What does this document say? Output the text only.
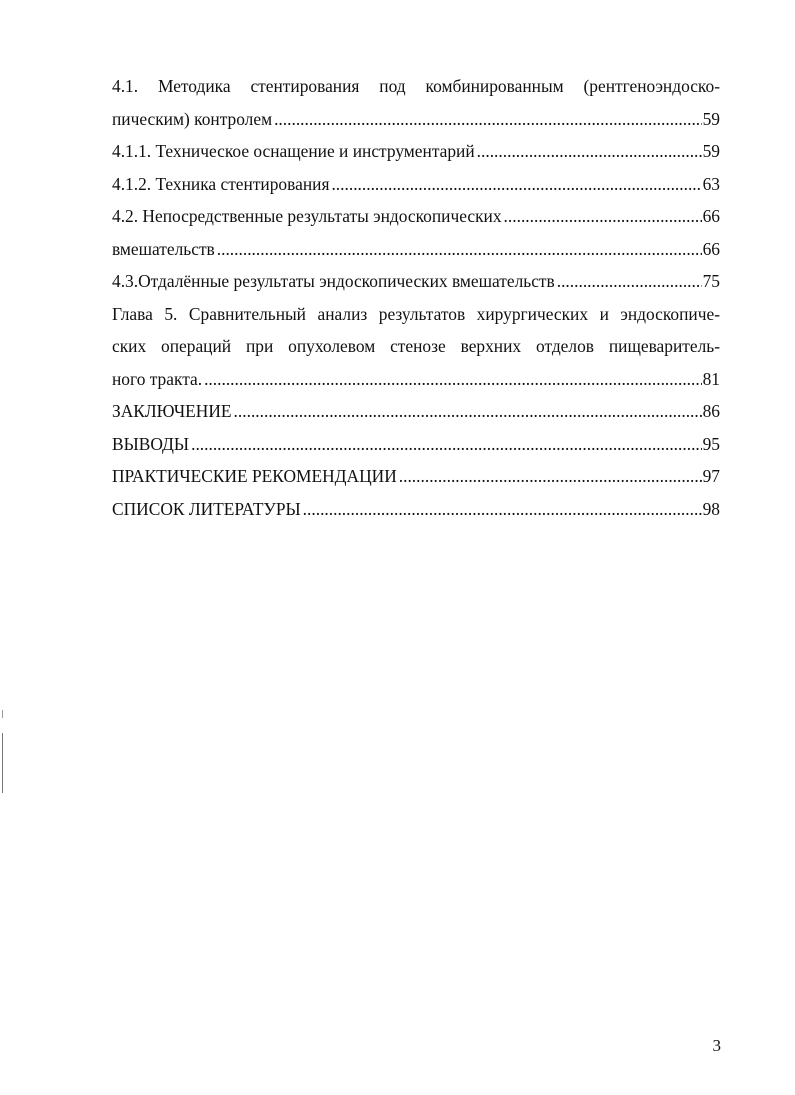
4.1. Методика стентирования под комбинированным (рентгеноэндоско-
пическим) контролем .....	59
4.1.1. Техническое оснащение и инструментарий .....	59
4.1.2. Техника стентирования .....	63
4.2. Непосредственные результаты эндоскопических .....	66
вмешательств .....	66
4.3.Отдалённые результаты эндоскопических вмешательств .....	75
Глава 5. Сравнительный анализ результатов хирургических и эндоскопиче-
ских операций при опухолевом стенозе верхних отделов пищеваритель-
ного тракта. .....	81
ЗАКЛЮЧЕНИЕ .....	86
ВЫВОДЫ .....	95
ПРАКТИЧЕСКИЕ РЕКОМЕНДАЦИИ .....	97
СПИСОК ЛИТЕРАТУРЫ .....	98
3
